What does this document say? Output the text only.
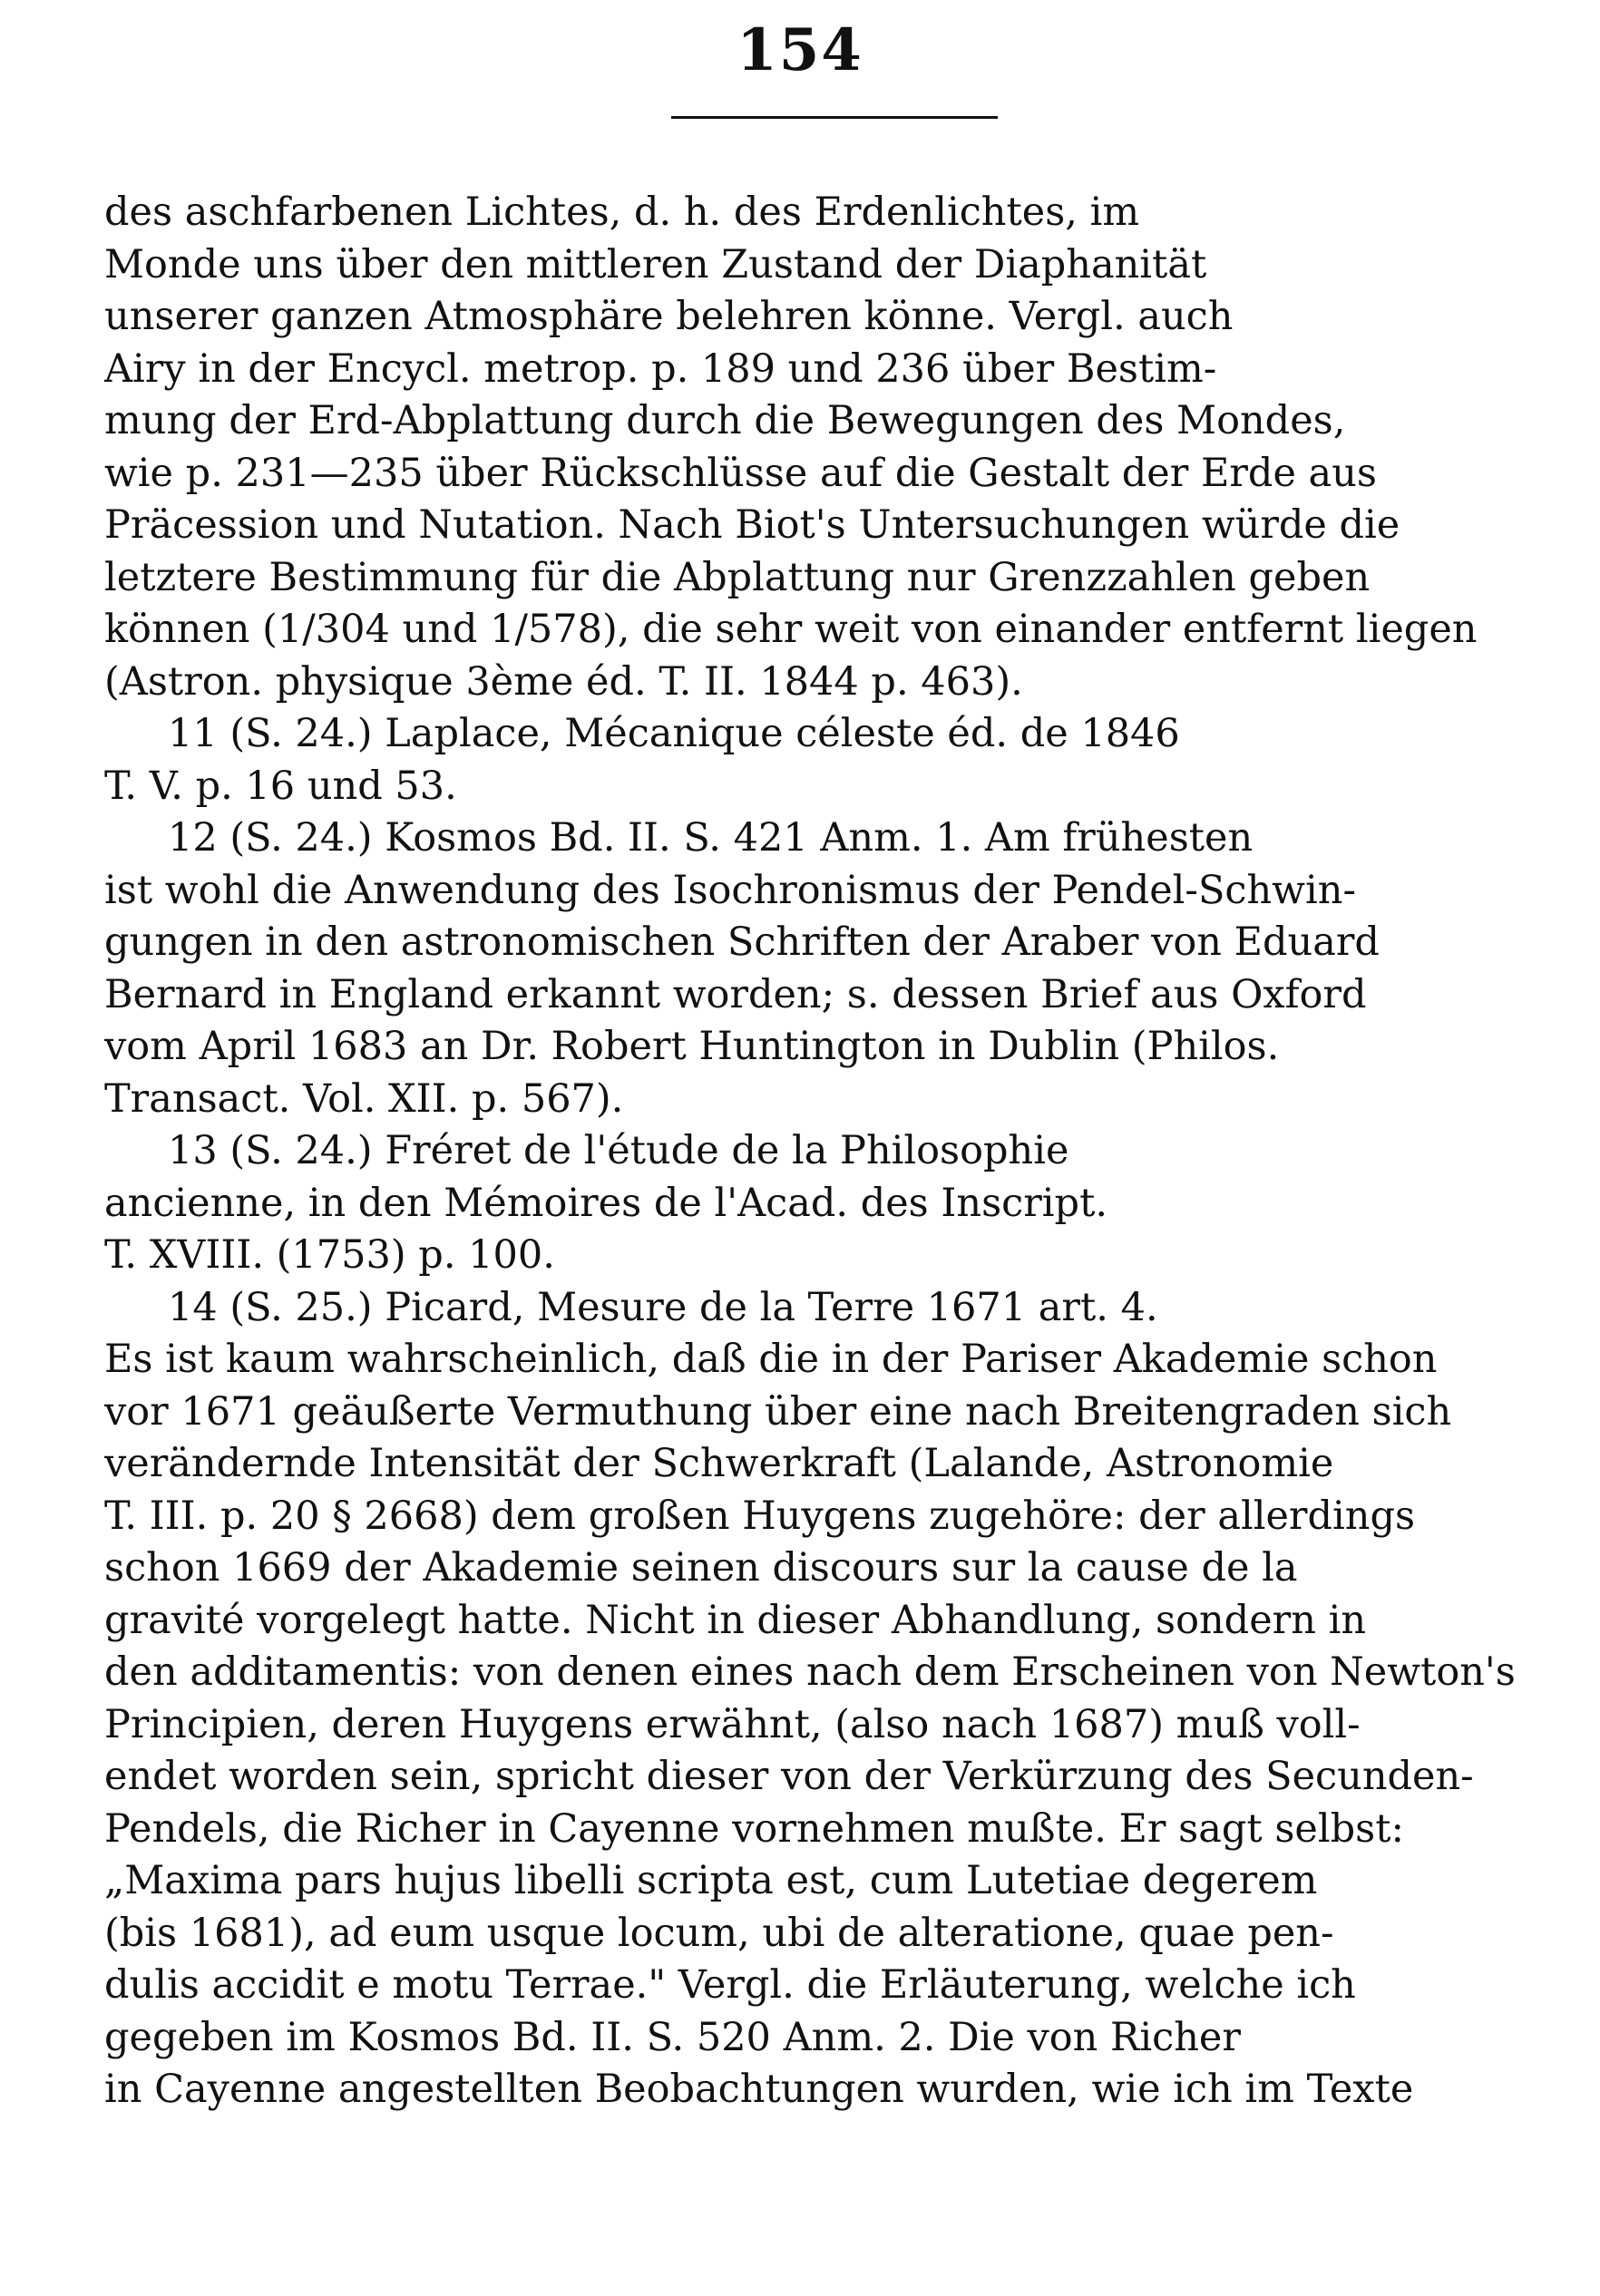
154
des aschfarbenen Lichtes, d. h. des Erdenlichtes, im
Monde uns über den mittleren Zustand der Diaphanität
unserer ganzen Atmosphäre belehren könne. Vergl. auch
Airy in der Encycl. metrop. p. 189 und 236 über Bestim-
mung der Erd-Abplattung durch die Bewegungen des Mondes,
wie p. 231—235 über Rückschlüsse auf die Gestalt der Erde aus
Präcession und Nutation. Nach Biot's Untersuchungen würde die
letztere Bestimmung für die Abplattung nur Grenzzahlen geben
können (1/304 und 1/578), die sehr weit von einander entfernt liegen
(Astron. physique 3ème éd. T. II. 1844 p. 463).
11 (S. 24.) Laplace, Mécanique céleste éd. de 1846
T. V. p. 16 und 53.
12 (S. 24.) Kosmos Bd. II. S. 421 Anm. 1. Am frühesten
ist wohl die Anwendung des Isochronismus der Pendel-Schwin-
gungen in den astronomischen Schriften der Araber von Eduard
Bernard in England erkannt worden; s. dessen Brief aus Oxford
vom April 1683 an Dr. Robert Huntington in Dublin (Philos.
Transact. Vol. XII. p. 567).
13 (S. 24.) Fréret de l'étude de la Philosophie
ancienne, in den Mémoires de l'Acad. des Inscript.
T. XVIII. (1753) p. 100.
14 (S. 25.) Picard, Mesure de la Terre 1671 art. 4.
Es ist kaum wahrscheinlich, daß die in der Pariser Akademie schon
vor 1671 geäußerte Vermuthung über eine nach Breitengraden sich
verändernde Intensität der Schwerkraft (Lalande, Astronomie
T. III. p. 20 § 2668) dem großen Huygens zugehöre: der allerdings
schon 1669 der Akademie seinen discours sur la cause de la
gravité vorgelegt hatte. Nicht in dieser Abhandlung, sondern in
den additamentis: von denen eines nach dem Erscheinen von Newton's
Principien, deren Huygens erwähnt, (also nach 1687) muß voll-
endet worden sein, spricht dieser von der Verkürzung des Secunden-
Pendels, die Richer in Cayenne vornehmen mußte. Er sagt selbst:
„Maxima pars hujus libelli scripta est, cum Lutetiae degerem
(bis 1681), ad eum usque locum, ubi de alteratione, quae pen-
dulis accidit e motu Terrae." Vergl. die Erläuterung, welche ich
gegeben im Kosmos Bd. II. S. 520 Anm. 2. Die von Richer
in Cayenne angestellten Beobachtungen wurden, wie ich im Texte
